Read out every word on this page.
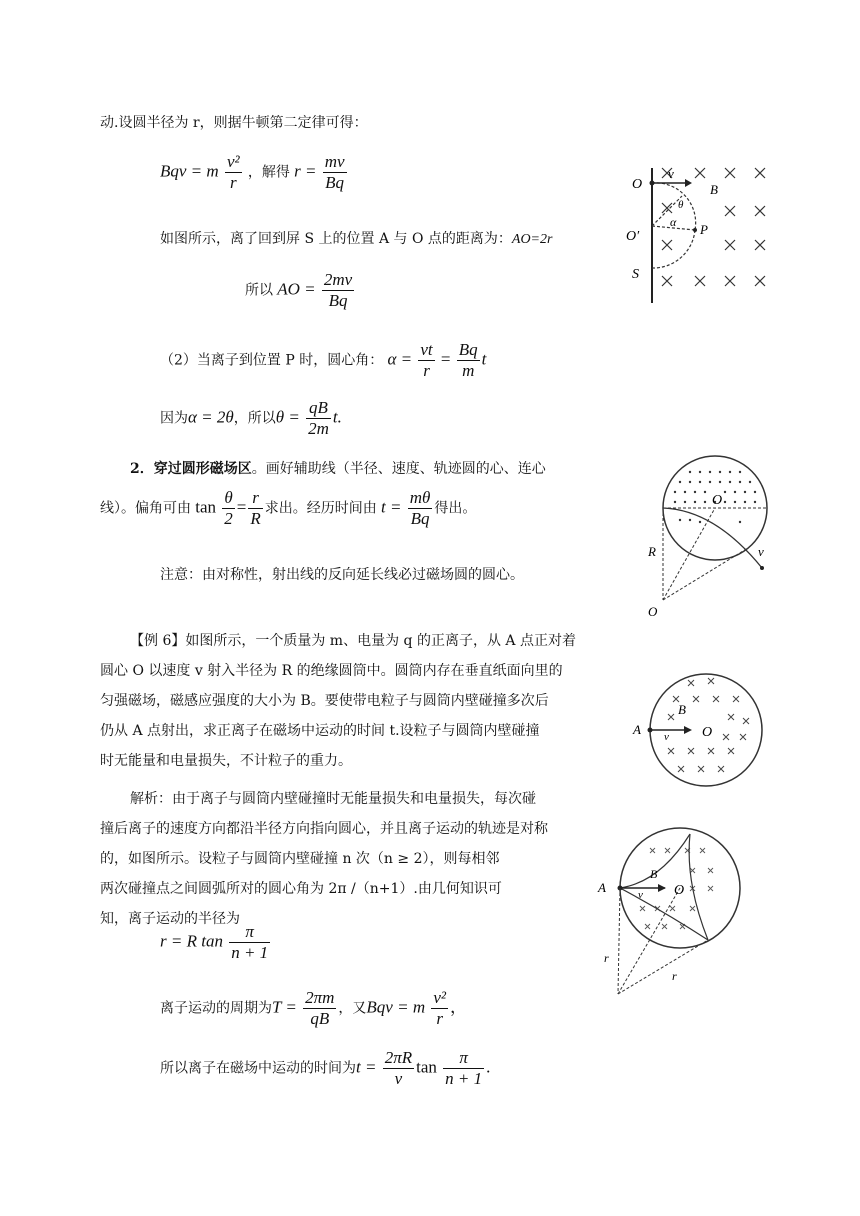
动.设圆半径为 r，则据牛顿第二定律可得：
Bqv = m $\frac{\text{v²}}{r}$ ，解得 $r = \frac{mv}{Bq}$
如图所示，离了回到屏 S 上的位置 A 与 O 点的距离为：AO=2r
所以 AO = $\frac{2mv}{Bq}$
（2）当离子到位置 P 时，圆心角： $\alpha = \frac{vt}{r} = \frac{Bq}{m}$ t
因为α = 2θ，所以$\theta = \frac{qB}{2m} t$.
2．穿过圆形磁场区。画好辅助线（半径、速度、轨迹圆的心、连心
线）。偏角可由 $\tan \frac{\theta}{2} = \frac{r}{R}$ 求出。经历时间由 $t = \frac{m\theta}{Bq}$ 得出。
注意：由对称性，射出线的反向延长线必过磁场圆的圆心。
【例 6】如图所示，一个质量为 m、电量为 q 的正离子，从 A 点正对着
圆心 O 以速度 v 射入半径为 R 的绝缘圆筒中。圆筒内存在垂直纸面向里的
匀强磁场，磁感应强度的大小为 B。要使带电粒子与圆筒内壁碰撞多次后
仍从 A 点射出，求正离子在磁场中运动的时间 t.设粒子与圆筒内壁碰撞
时无能量和电量损失，不计粒子的重力。
解析：由于离子与圆筒内壁碰撞时无能量损失和电量损失，每次碰
撞后离子的速度方向都沿半径方向指向圆心，并且离子运动的轨迹是对称
的，如图所示。设粒子与圆筒内壁碰撞 n 次（n ≥ 2），则每相邻
两次碰撞点之间圆弧所对的圆心角为 2π /（n+1）.由几何知识可
知，离子运动的半径为
r = R $\tan \frac{\pi}{n + 1}$
离子运动的周期为$T = \frac{2\pi m}{qB}$ ，又Bqv = m $\frac{\text{v²}}{r}$ ，
所以离子在磁场中运动的时间为$t = \frac{2\pi R}{v}$ $\tan \frac{\pi}{n + 1}$ .
O
v
B
O′	P
S
α
θ
O
R
O
v
A
B
O
v
A
B
O
v
r
r
